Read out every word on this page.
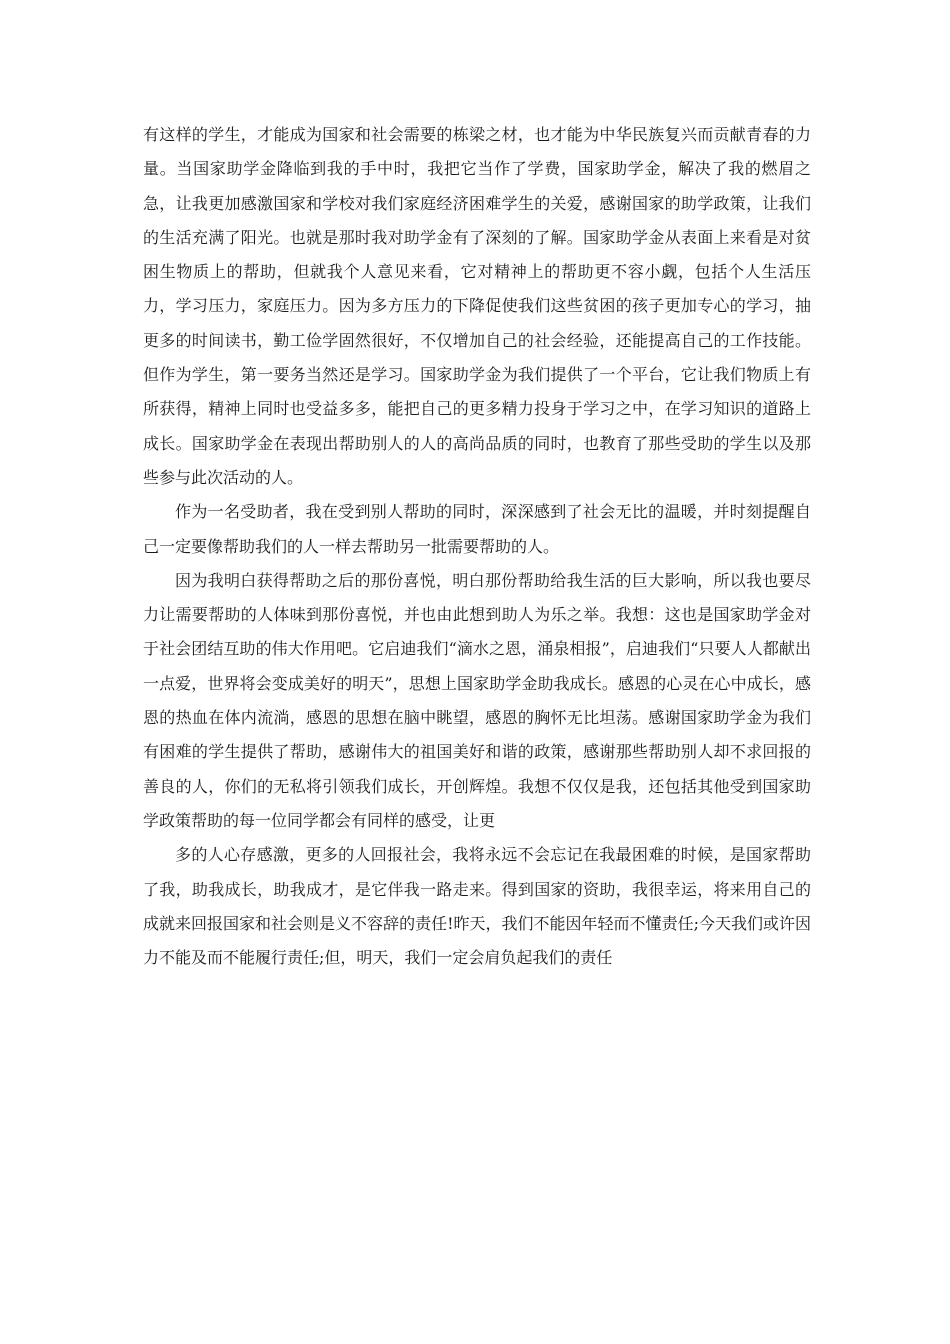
有这样的学生，才能成为国家和社会需要的栋梁之材，也才能为中华民族复兴而贡献青春的力量。当国家助学金降临到我的手中时，我把它当作了学费，国家助学金，解决了我的燃眉之急，让我更加感激国家和学校对我们家庭经济困难学生的关爱，感谢国家的助学政策，让我们的生活充满了阳光。也就是那时我对助学金有了深刻的了解。国家助学金从表面上来看是对贫困生物质上的帮助，但就我个人意见来看，它对精神上的帮助更不容小觑，包括个人生活压力，学习压力，家庭压力。因为多方压力的下降促使我们这些贫困的孩子更加专心的学习，抽更多的时间读书，勤工俭学固然很好，不仅增加自己的社会经验，还能提高自己的工作技能。但作为学生，第一要务当然还是学习。国家助学金为我们提供了一个平台，它让我们物质上有所获得，精神上同时也受益多多，能把自己的更多精力投身于学习之中，在学习知识的道路上成长。国家助学金在表现出帮助别人的人的高尚品质的同时，也教育了那些受助的学生以及那些参与此次活动的人。

作为一名受助者，我在受到别人帮助的同时，深深感到了社会无比的温暖，并时刻提醒自己一定要像帮助我们的人一样去帮助另一批需要帮助的人。

因为我明白获得帮助之后的那份喜悦，明白那份帮助给我生活的巨大影响，所以我也要尽力让需要帮助的人体味到那份喜悦，并也由此想到助人为乐之举。我想：这也是国家助学金对于社会团结互助的伟大作用吧。它启迪我们“滴水之恩，涌泉相报”，启迪我们“只要人人都献出一点爱，世界将会变成美好的明天”，思想上国家助学金助我成长。感恩的心灵在心中成长，感恩的热血在体内流淌，感恩的思想在脑中眺望，感恩的胸怀无比坦荡。感谢国家助学金为我们有困难的学生提供了帮助，感谢伟大的祖国美好和谐的政策，感谢那些帮助别人却不求回报的善良的人，你们的无私将引领我们成长，开创辉煌。我想不仅仅是我，还包括其他受到国家助学政策帮助的每一位同学都会有同样的感受，让更

多的人心存感激，更多的人回报社会，我将永远不会忘记在我最困难的时候，是国家帮助了我，助我成长，助我成才，是它伴我一路走来。得到国家的资助，我很幸运，将来用自己的成就来回报国家和社会则是义不容辞的责任!昨天，我们不能因年轻而不懂责任;今天我们或许因力不能及而不能履行责任;但，明天，我们一定会肩负起我们的责任
